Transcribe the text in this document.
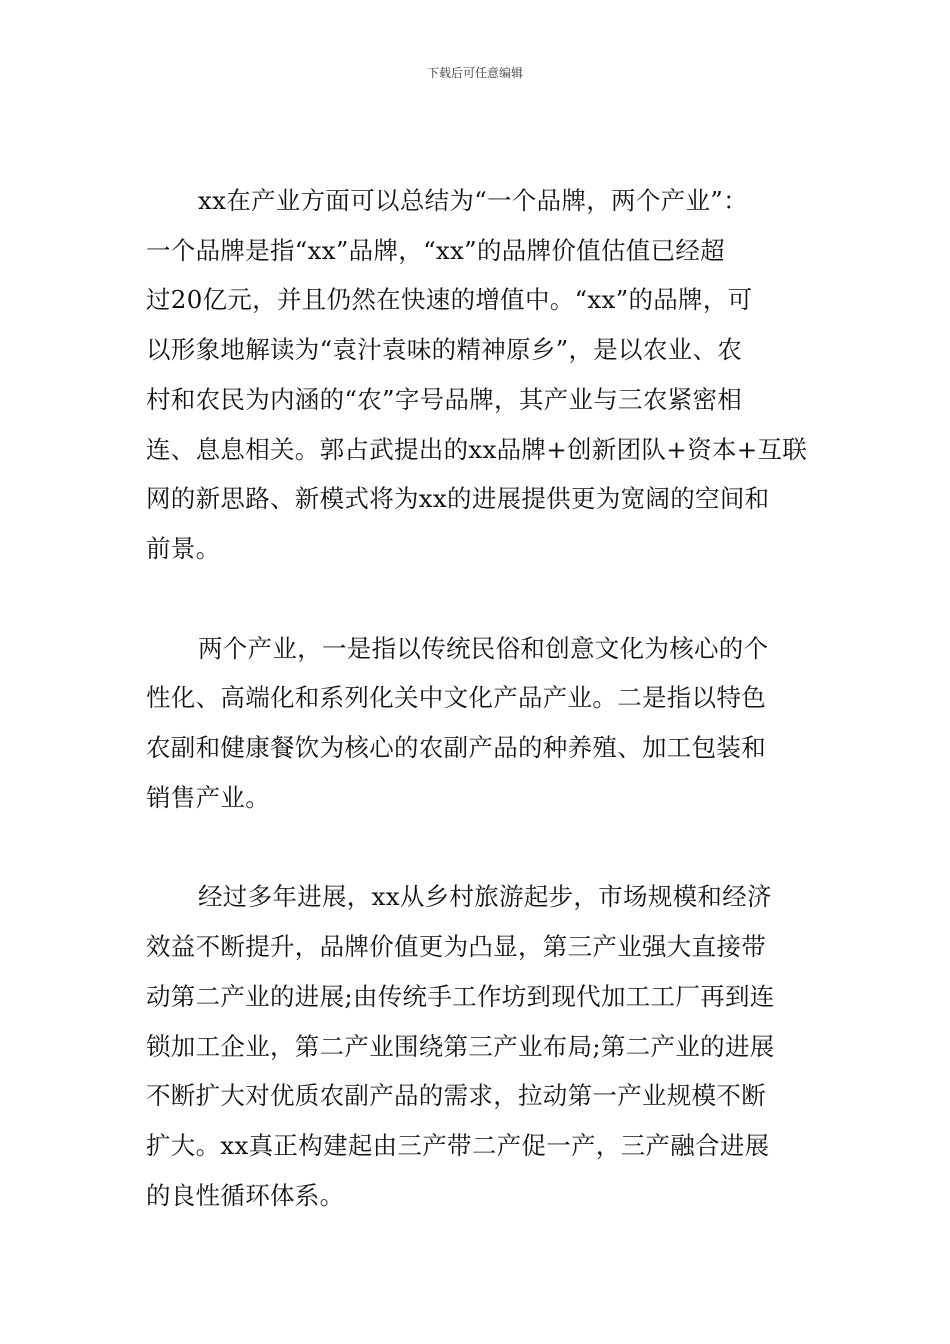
下载后可任意编辑
xx在产业方面可以总结为“一个品牌，两个产业”：
一个品牌是指“xx”品牌，“xx”的品牌价值估值已经超
过20亿元，并且仍然在快速的增值中。“xx”的品牌，可
以形象地解读为“袁汁袁味的精神原乡”，是以农业、农
村和农民为内涵的“农”字号品牌，其产业与三农紧密相
连、息息相关。郭占武提出的xx品牌+创新团队+资本+互联
网的新思路、新模式将为xx的进展提供更为宽阔的空间和
前景。
两个产业，一是指以传统民俗和创意文化为核心的个
性化、高端化和系列化关中文化产品产业。二是指以特色
农副和健康餐饮为核心的农副产品的种养殖、加工包装和
销售产业。
经过多年进展，xx从乡村旅游起步，市场规模和经济
效益不断提升，品牌价值更为凸显，第三产业强大直接带
动第二产业的进展;由传统手工作坊到现代加工工厂再到连
锁加工企业，第二产业围绕第三产业布局;第二产业的进展
不断扩大对优质农副产品的需求，拉动第一产业规模不断
扩大。xx真正构建起由三产带二产促一产，三产融合进展
的良性循环体系。
